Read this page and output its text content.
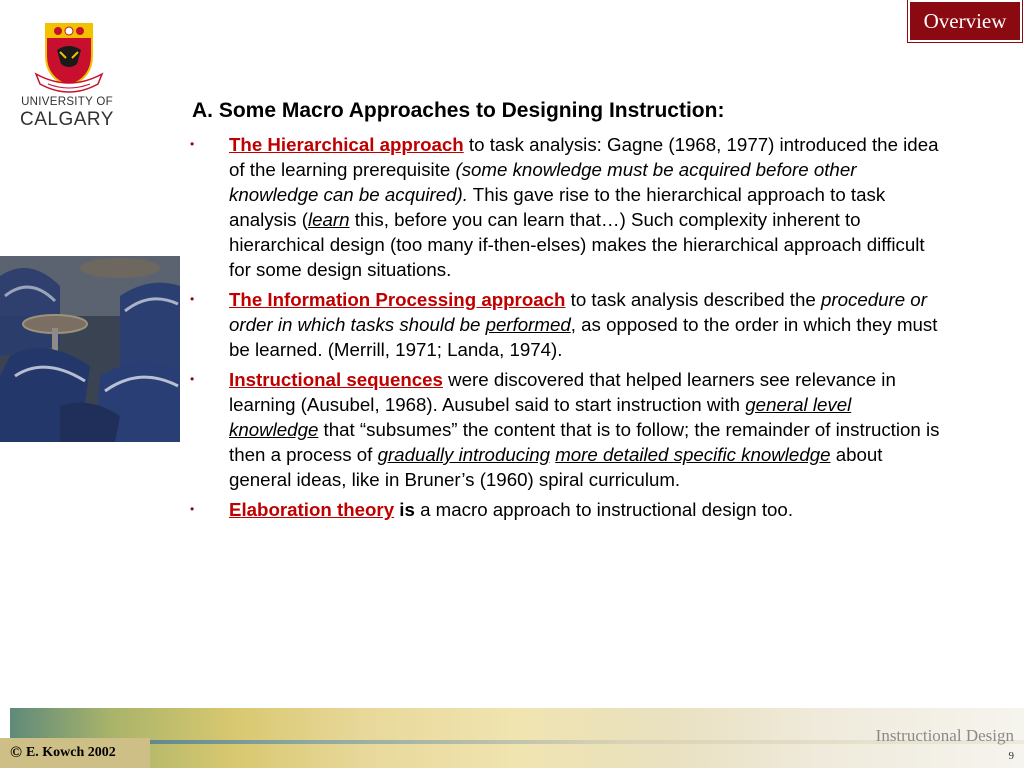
Overview
UNIVERSITY OF
CALGARY	A. Some Macro Approaches to Designing Instruction:
• The Hierarchical approach to task analysis: Gagne (1968, 1977) introduced the idea of the learning prerequisite (some knowledge must be acquired before other knowledge can be acquired). This gave rise to the hierarchical approach to task analysis (learn this, before you can learn that…) Such complexity inherent to hierarchical design (too many if-then-elses) makes the hierarchical approach difficult for some design situations.
• The Information Processing approach to task analysis described the procedure or order in which tasks should be performed, as opposed to the order in which they must be learned. (Merrill, 1971; Landa, 1974).
• Instructional sequences were discovered that helped learners see relevance in learning (Ausubel, 1968). Ausubel said to start instruction with general level knowledge that “subsumes” the content that is to follow; the remainder of instruction is then a process of gradually introducing more detailed specific knowledge about general ideas, like in Bruner’s (1960) spiral curriculum.
• Elaboration theory is a macro approach to instructional design too.
Instructional Design
9
© E. Kowch 2002
